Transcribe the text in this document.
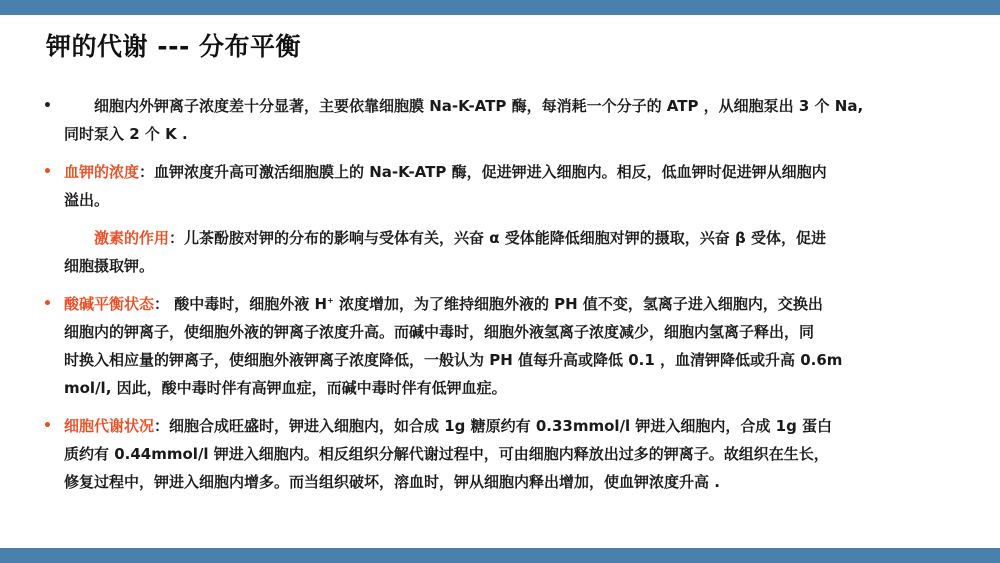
钾的代谢 --- 分布平衡
•	细胞内外钾离子浓度差十分显著，主要依靠细胞膜 Na-K-ATP 酶，每消耗一个分子的 ATP ，从细胞泵出 3 个 Na,
同时泵入 2 个 K .
• 血钾的浓度：血钾浓度升高可激活细胞膜上的 Na-K-ATP 酶，促进钾进入细胞内。相反，低血钾时促进钾从细胞内
溢出。
激素的作用：儿茶酚胺对钾的分布的影响与受体有关，兴奋 α 受体能降低细胞对钾的摄取，兴奋 β 受体，促进
细胞摄取钾。
• 酸碱平衡状态： 酸中毒时，细胞外液 H+ 浓度增加，为了维持细胞外液的 PH 值不变，氢离子进入细胞内，交换出
细胞内的钾离子，使细胞外液的钾离子浓度升高。而碱中毒时，细胞外液氢离子浓度减少，细胞内氢离子释出，同
时换入相应量的钾离子，使细胞外液钾离子浓度降低，一般认为 PH 值每升高或降低 0.1 ，血清钾降低或升高 0.6m
mol/l, 因此，酸中毒时伴有高钾血症，而碱中毒时伴有低钾血症。
• 细胞代谢状况：细胞合成旺盛时，钾进入细胞内，如合成 1g 糖原约有 0.33mmol/l 钾进入细胞内，合成 1g 蛋白
质约有 0.44mmol/l 钾进入细胞内。相反组织分解代谢过程中，可由细胞内释放出过多的钾离子。故组织在生长，
修复过程中，钾进入细胞内增多。而当组织破坏，溶血时，钾从细胞内释出增加，使血钾浓度升高 .
